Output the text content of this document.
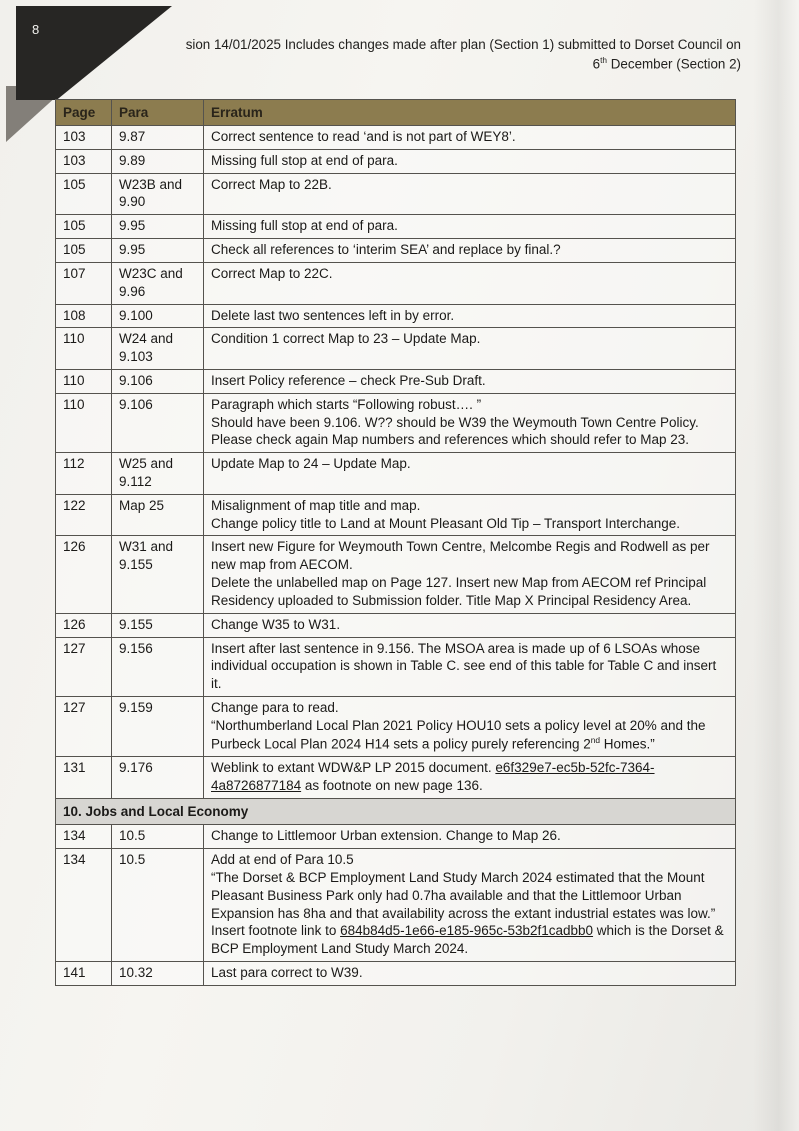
8
sion 14/01/2025 Includes changes made after plan (Section 1) submitted to Dorset Council on
6th December (Section 2)
Page	Para	Erratum
103	9.87	Correct sentence to read ‘and is not part of WEY8’.

103	9.89	Missing full stop at end of para.

105	W23B and 9.90	Correct Map to 22B.

105	9.95	Missing full stop at end of para.

105	9.95	Check all references to ‘interim SEA’ and replace by final.?

107	W23C and 9.96	Correct Map to 22C.

108	9.100	Delete last two sentences left in by error.

110	W24 and 9.103	Condition 1 correct Map to 23 – Update Map.

110	9.106	Insert Policy reference – check Pre-Sub Draft.

110	9.106	Paragraph which starts “Following robust…. ”
Should have been 9.106. W?? should be W39 the Weymouth Town Centre Policy. Please check again Map numbers and references which should refer to Map 23.

112	W25 and 9.112	Update Map to 24 – Update Map.

122	Map 25	Misalignment of map title and map.
Change policy title to Land at Mount Pleasant Old Tip – Transport Interchange.

126	W31 and 9.155	Insert new Figure for Weymouth Town Centre, Melcombe Regis and Rodwell as per new map from AECOM.
Delete the unlabelled map on Page 127. Insert new Map from AECOM ref Principal Residency uploaded to Submission folder. Title Map X Principal Residency Area.

126	9.155	Change W35 to W31.

127	9.156	Insert after last sentence in 9.156. The MSOA area is made up of 6 LSOAs whose individual occupation is shown in Table C. see end of this table for Table C and insert it.

127	9.159	Change para to read.
“Northumberland Local Plan 2021 Policy HOU10 sets a policy level at 20% and the Purbeck Local Plan 2024 H14 sets a policy purely referencing 2nd Homes.”

131	9.176	Weblink to extant WDW&P LP 2015 document. e6f329e7-ec5b-52fc-7364-4a8726877184 as footnote on new page 136.

10. Jobs and Local Economy		
134	10.5	Change to Littlemoor Urban extension. Change to Map 26.

134	10.5	Add at end of Para 10.5
“The Dorset & BCP Employment Land Study March 2024 estimated that the Mount Pleasant Business Park only had 0.7ha available and that the Littlemoor Urban Expansion has 8ha and that availability across the extant industrial estates was low.”
Insert footnote link to 684b84d5-1e66-e185-965c-53b2f1cadbb0 which is the Dorset & BCP Employment Land Study March 2024.

141	10.32	Last para correct to W39.
